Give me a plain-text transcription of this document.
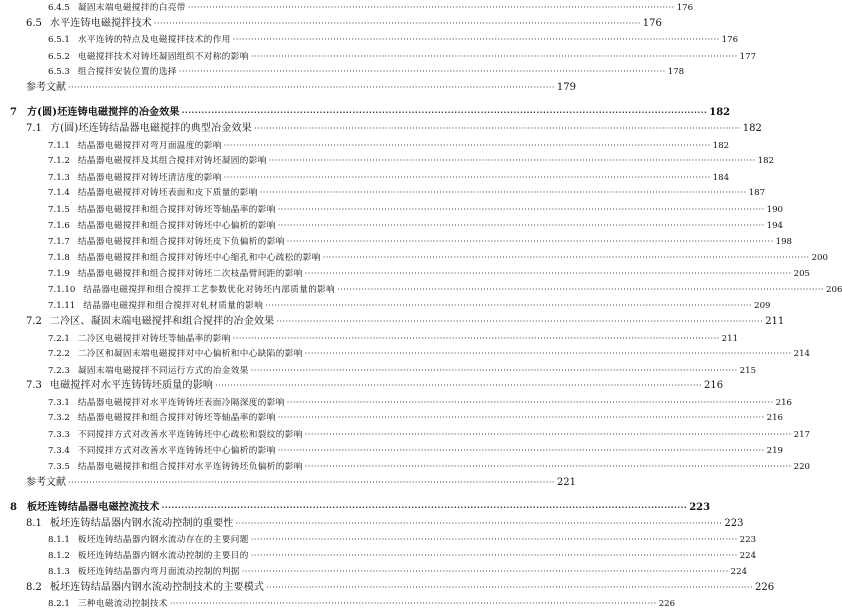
6.4.5 凝固末端电磁搅拌的白亮带 ································································································································································ 176
6.5 水平连铸电磁搅拌技术 ································································································································································ 176
6.5.1 水平连铸的特点及电磁搅拌技术的作用 ································································································································································ 176
6.5.2 电磁搅拌技术对铸坯凝固组织不对称的影响 ································································································································································ 177
6.5.3 组合搅拌安装位置的选择 ································································································································································ 178
参考文献 ································································································································································ 179
7 方(圆)坯连铸电磁搅拌的冶金效果 ································································································································································ 182
7.1 方(圆)坯连铸结晶器电磁搅拌的典型冶金效果 ································································································································································ 182
7.1.1 结晶器电磁搅拌对弯月面温度的影响 ································································································································································ 182
7.1.2 结晶器电磁搅拌及其组合搅拌对铸坯凝固的影响 ································································································································································ 182
7.1.3 结晶器电磁搅拌对铸坯清洁度的影响 ································································································································································ 184
7.1.4 结晶器电磁搅拌对铸坯表面和皮下质量的影响 ································································································································································ 187
7.1.5 结晶器电磁搅拌和组合搅拌对铸坯等轴晶率的影响 ································································································································································ 190
7.1.6 结晶器电磁搅拌和组合搅拌对铸坯中心偏析的影响 ································································································································································ 194
7.1.7 结晶器电磁搅拌和组合搅拌对铸坯皮下负偏析的影响 ································································································································································ 198
7.1.8 结晶器电磁搅拌和组合搅拌对铸坯中心缩孔和中心疏松的影响 ································································································································································ 200
7.1.9 结晶器电磁搅拌和组合搅拌对铸坯二次枝晶臂间距的影响 ································································································································································ 205
7.1.10 结晶器电磁搅拌和组合搅拌工艺参数优化对铸坯内部质量的影响 ································································································································································ 206
7.1.11 结晶器电磁搅拌和组合搅拌对轧材质量的影响 ································································································································································ 209
7.2 二冷区、凝固末端电磁搅拌和组合搅拌的冶金效果 ································································································································································ 211
7.2.1 二冷区电磁搅拌对铸坯等轴晶率的影响 ································································································································································ 211
7.2.2 二冷区和凝固末端电磁搅拌对中心偏析和中心缺陷的影响 ································································································································································ 214
7.2.3 凝固末端电磁搅拌不同运行方式的冶金效果 ································································································································································ 215
7.3 电磁搅拌对水平连铸铸坯质量的影响 ································································································································································ 216
7.3.1 结晶器电磁搅拌对水平连铸铸坯表面冷隔深度的影响 ································································································································································ 216
7.3.2 结晶器电磁搅拌和组合搅拌对铸坯等轴晶率的影响 ································································································································································ 216
7.3.3 不同搅拌方式对改善水平连铸铸坯中心疏松和裂纹的影响 ································································································································································ 217
7.3.4 不同搅拌方式对改善水平连铸铸坯中心偏析的影响 ································································································································································ 219
7.3.5 结晶器电磁搅拌和组合搅拌对水平连铸铸坯负偏析的影响 ································································································································································ 220
参考文献 ································································································································································ 221
8 板坯连铸结晶器电磁控流技术 ································································································································································ 223
8.1 板坯连铸结晶器内钢水流动控制的重要性 ································································································································································ 223
8.1.1 板坯连铸结晶器内钢水流动存在的主要问题 ································································································································································ 223
8.1.2 板坯连铸结晶器内钢水流动控制的主要目的 ································································································································································ 224
8.1.3 板坯连铸结晶器内弯月面流动控制的判据 ································································································································································ 224
8.2 板坯连铸结晶器内钢水流动控制技术的主要模式 ································································································································································ 226
8.2.1 三种电磁流动控制技术 ································································································································································ 226
